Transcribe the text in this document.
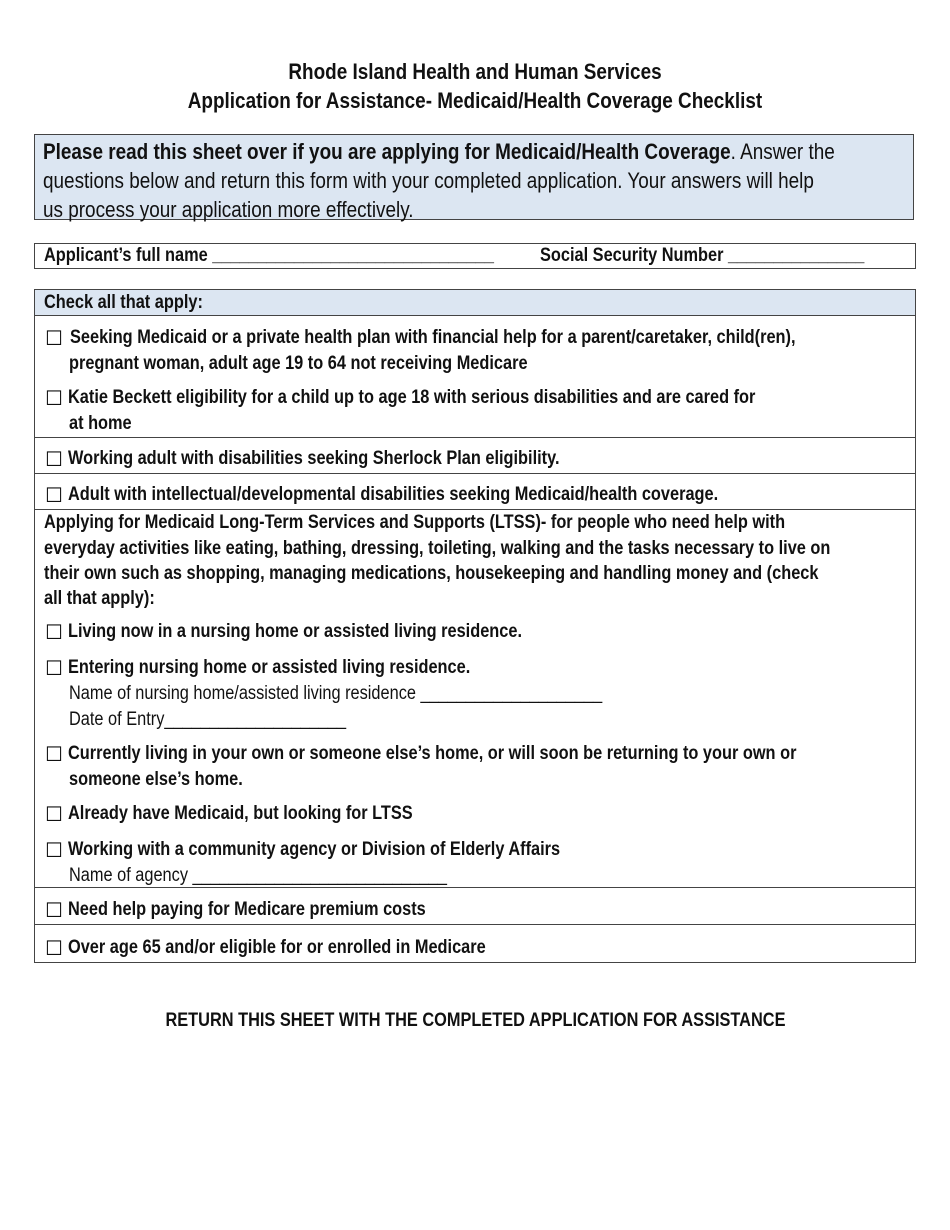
Rhode Island Health and Human Services
Application for Assistance- Medicaid/Health Coverage Checklist
Please read this sheet over if you are applying for Medicaid/Health Coverage. Answer the
questions below and return this form with your completed application. Your answers will help
us process your application more effectively.
Applicant’s full name _______________________________ Social Security Number _______________
Check all that apply:
☐ Seeking Medicaid or a private health plan with financial help for a parent/caretaker, child(ren),
pregnant woman, adult age 19 to 64 not receiving Medicare
☐ Katie Beckett eligibility for a child up to age 18 with serious disabilities and are cared for
at home
☐ Working adult with disabilities seeking Sherlock Plan eligibility.
☐ Adult with intellectual/developmental disabilities seeking Medicaid/health coverage.
Applying for Medicaid Long-Term Services and Supports (LTSS)- for people who need help with
everyday activities like eating, bathing, dressing, toileting, walking and the tasks necessary to live on
their own such as shopping, managing medications, housekeeping and handling money and (check
all that apply):
☐ Living now in a nursing home or assisted living residence.
☐ Entering nursing home or assisted living residence.
Name of nursing home/assisted living residence ____________________
Date of Entry____________________
☐ Currently living in your own or someone else’s home, or will soon be returning to your own or
someone else’s home.
☐ Already have Medicaid, but looking for LTSS
☐ Working with a community agency or Division of Elderly Affairs
Name of agency ____________________________
☐ Need help paying for Medicare premium costs
☐ Over age 65 and/or eligible for or enrolled in Medicare
RETURN THIS SHEET WITH THE COMPLETED APPLICATION FOR ASSISTANCE
